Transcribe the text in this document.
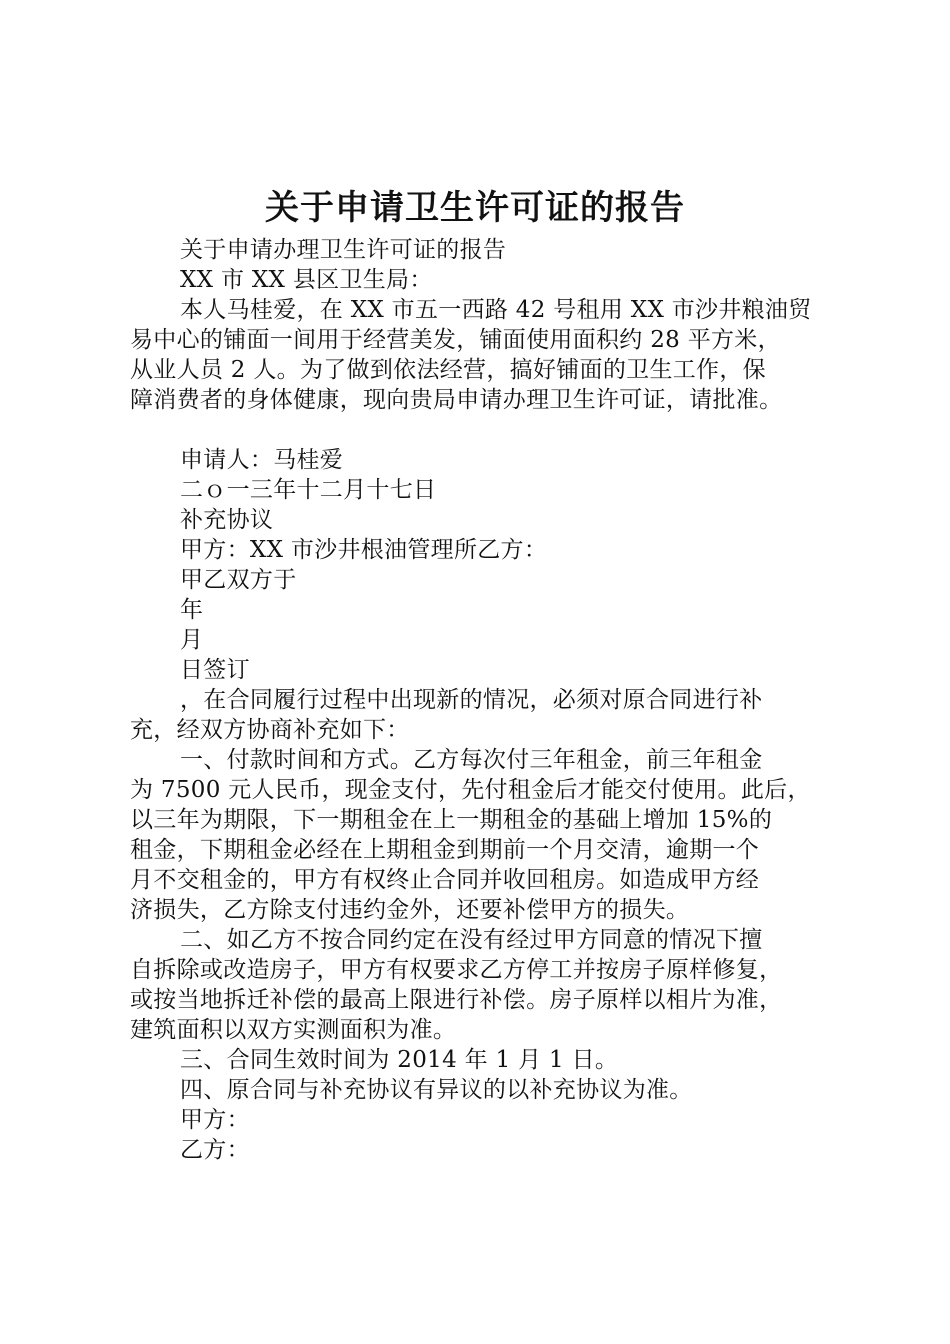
关于申请卫生许可证的报告
关于申请办理卫生许可证的报告
XX 市 XX 县区卫生局：
本人马桂爱，在 XX 市五一西路 42 号租用 XX 市沙井粮油贸
易中心的铺面一间用于经营美发，铺面使用面积约 28 平方米，
从业人员 2 人。为了做到依法经营，搞好铺面的卫生工作，保
障消费者的身体健康，现向贵局申请办理卫生许可证，请批准。
申请人：马桂爱
二ｏ一三年十二月十七日
补充协议
甲方：XX 市沙井根油管理所乙方：
甲乙双方于
年
月
日签订
，在合同履行过程中出现新的情况，必须对原合同进行补
充，经双方协商补充如下：
一、付款时间和方式。乙方每次付三年租金，前三年租金
为 7500 元人民币，现金支付，先付租金后才能交付使用。此后，
以三年为期限，下一期租金在上一期租金的基础上增加 15%的
租金，下期租金必经在上期租金到期前一个月交清，逾期一个
月不交租金的，甲方有权终止合同并收回租房。如造成甲方经
济损失，乙方除支付违约金外，还要补偿甲方的损失。
二、如乙方不按合同约定在没有经过甲方同意的情况下擅
自拆除或改造房子，甲方有权要求乙方停工并按房子原样修复，
或按当地拆迁补偿的最高上限进行补偿。房子原样以相片为准，
建筑面积以双方实测面积为准。
三、合同生效时间为 2014 年 1 月 1 日。
四、原合同与补充协议有异议的以补充协议为准。
甲方：
乙方：
